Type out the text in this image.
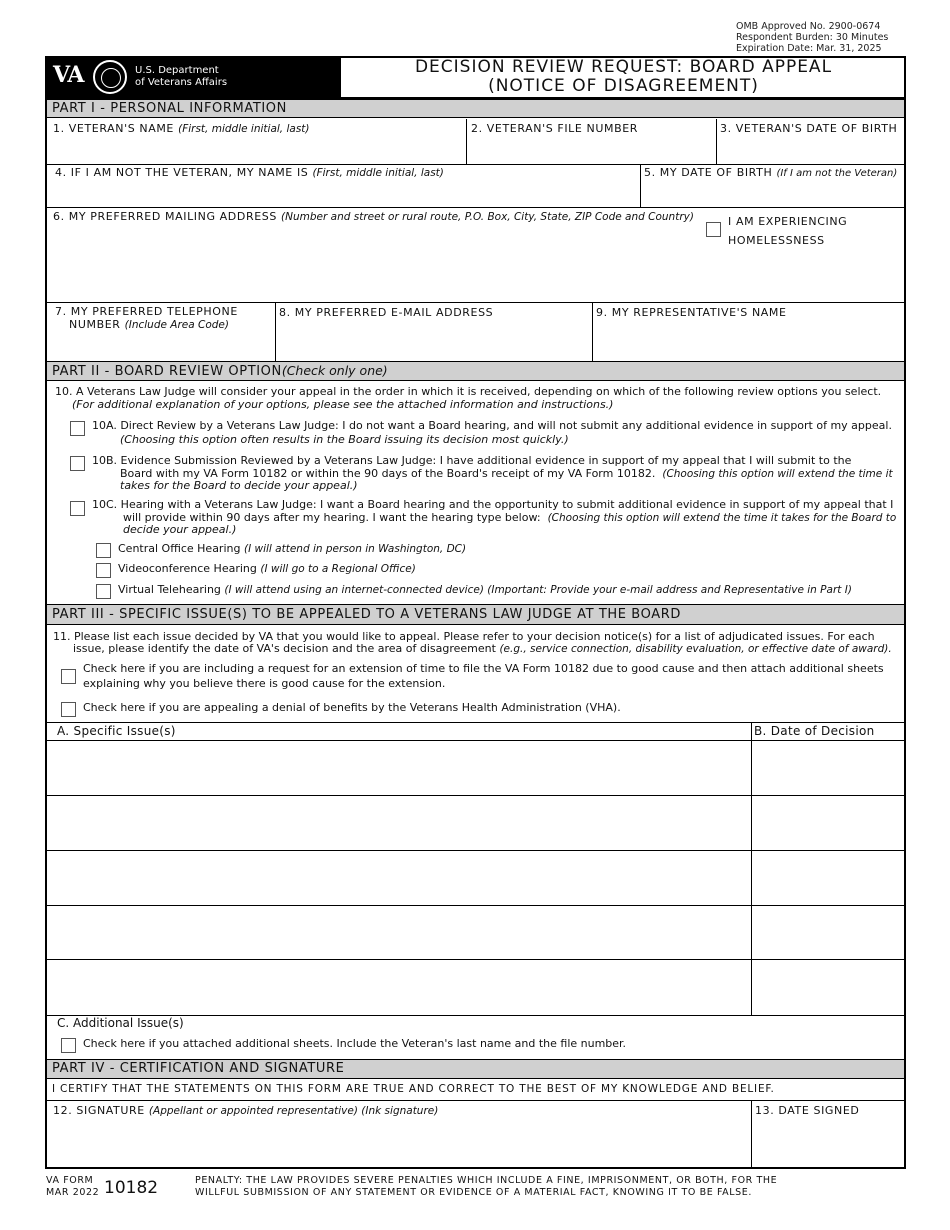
OMB Approved No. 2900-0674
Respondent Burden: 30 Minutes
Expiration Date: Mar. 31, 2025
VA	U.S. Department
of Veterans Affairs
DECISION REVIEW REQUEST: BOARD APPEAL
(NOTICE OF DISAGREEMENT)
PART I - PERSONAL INFORMATION
1. VETERAN'S NAME (First, middle initial, last)	2. VETERAN'S FILE NUMBER	3. VETERAN'S DATE OF BIRTH
4. IF I AM NOT THE VETERAN, MY NAME IS (First, middle initial, last)	5. MY DATE OF BIRTH (If I am not the Veteran)
6. MY PREFERRED MAILING ADDRESS (Number and street or rural route, P.O. Box, City, State, ZIP Code and Country)	I AM EXPERIENCING
HOMELESSNESS
7. MY PREFERRED TELEPHONE
NUMBER (Include Area Code)
8. MY PREFERRED E-MAIL ADDRESS	9. MY REPRESENTATIVE'S NAME
PART II - BOARD REVIEW OPTION(Check only one)
10. A Veterans Law Judge will consider your appeal in the order in which it is received, depending on which of the following review options you select.
(For additional explanation of your options, please see the attached information and instructions.)
10A. Direct Review by a Veterans Law Judge: I do not want a Board hearing, and will not submit any additional evidence in support of my appeal.
(Choosing this option often results in the Board issuing its decision most quickly.)
10B. Evidence Submission Reviewed by a Veterans Law Judge: I have additional evidence in support of my appeal that I will submit to the
Board with my VA Form 10182 or within the 90 days of the Board's receipt of my VA Form 10182. (Choosing this option will extend the time it
takes for the Board to decide your appeal.)
10C. Hearing with a Veterans Law Judge: I want a Board hearing and the opportunity to submit additional evidence in support of my appeal that I
will provide within 90 days after my hearing. I want the hearing type below: (Choosing this option will extend the time it takes for the Board to
decide your appeal.)
Central Office Hearing (I will attend in person in Washington, DC)
Videoconference Hearing (I will go to a Regional Office)
Virtual Telehearing (I will attend using an internet-connected device) (Important: Provide your e-mail address and Representative in Part I)
PART III - SPECIFIC ISSUE(S) TO BE APPEALED TO A VETERANS LAW JUDGE AT THE BOARD
11. Please list each issue decided by VA that you would like to appeal. Please refer to your decision notice(s) for a list of adjudicated issues. For each
issue, please identify the date of VA's decision and the area of disagreement (e.g., service connection, disability evaluation, or effective date of award).
Check here if you are including a request for an extension of time to file the VA Form 10182 due to good cause and then attach additional sheets
explaining why you believe there is good cause for the extension.
Check here if you are appealing a denial of benefits by the Veterans Health Administration (VHA).
A. Specific Issue(s)	B. Date of Decision
C. Additional Issue(s)
Check here if you attached additional sheets. Include the Veteran's last name and the file number.
PART IV - CERTIFICATION AND SIGNATURE
I CERTIFY THAT THE STATEMENTS ON THIS FORM ARE TRUE AND CORRECT TO THE BEST OF MY KNOWLEDGE AND BELIEF.
12. SIGNATURE (Appellant or appointed representative) (Ink signature)	13. DATE SIGNED
VA FORM
MAR 2022 10182	PENALTY: THE LAW PROVIDES SEVERE PENALTIES WHICH INCLUDE A FINE, IMPRISONMENT, OR BOTH, FOR THE
WILLFUL SUBMISSION OF ANY STATEMENT OR EVIDENCE OF A MATERIAL FACT, KNOWING IT TO BE FALSE.
